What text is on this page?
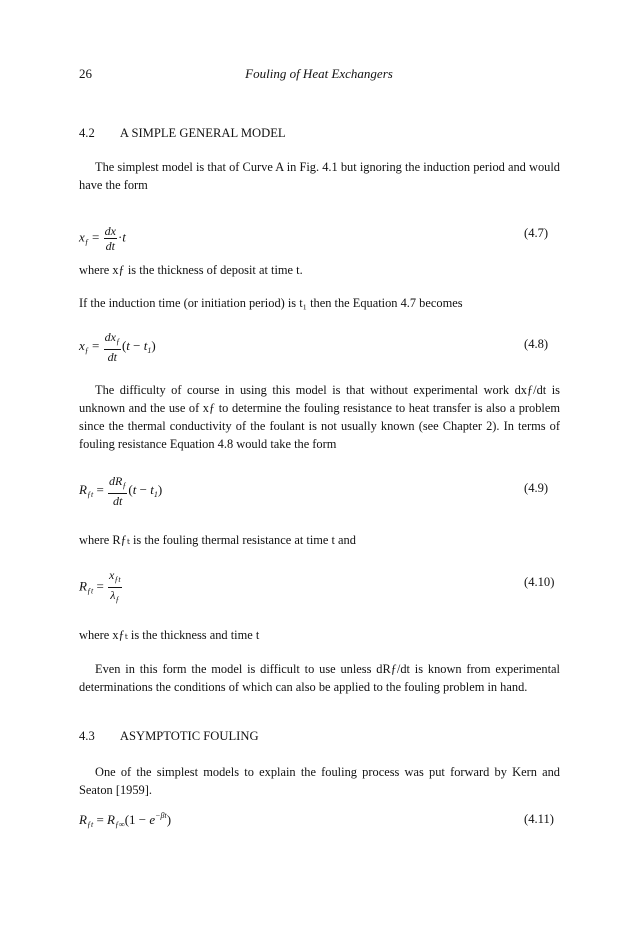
26	Fouling of Heat Exchangers
4.2 A SIMPLE GENERAL MODEL
The simplest model is that of Curve A in Fig. 4.1 but ignoring the induction period and would have the form
$x_ƒ = \frac{dx}{dt} \cdot t$	(4.7)
where xƒ is the thickness of deposit at time t.
If the induction time (or initiation period) is t₁ then the Equation 4.7 becomes
$x_ƒ = \frac{dx_ƒ}{dt} (t - t_1)$	(4.8)
The difficulty of course in using this model is that without experimental work dxƒ/dt is unknown and the use of xƒ to determine the fouling resistance to heat transfer is also a problem since the thermal conductivity of the foulant is not usually known (see Chapter 2). In terms of fouling resistance Equation 4.8 would take the form
$R_{ƒt} = \frac{dR_ƒ}{dt} (t - t_1)$	(4.9)
where Rƒₜ is the fouling thermal resistance at time t and
$R_{ƒt} = \frac{x_{ƒt}}{\lambda_ƒ}$	(4.10)
where xƒₜ is the thickness and time t
Even in this form the model is difficult to use unless dRƒ/dt is known from experimental determinations the conditions of which can also be applied to the fouling problem in hand.
4.3 ASYMPTOTIC FOULING
One of the simplest models to explain the fouling process was put forward by Kern and Seaton [1959].
$R_{ƒt} = R_{ƒ\infty}(1 - e^{-\beta t})$	(4.11)
